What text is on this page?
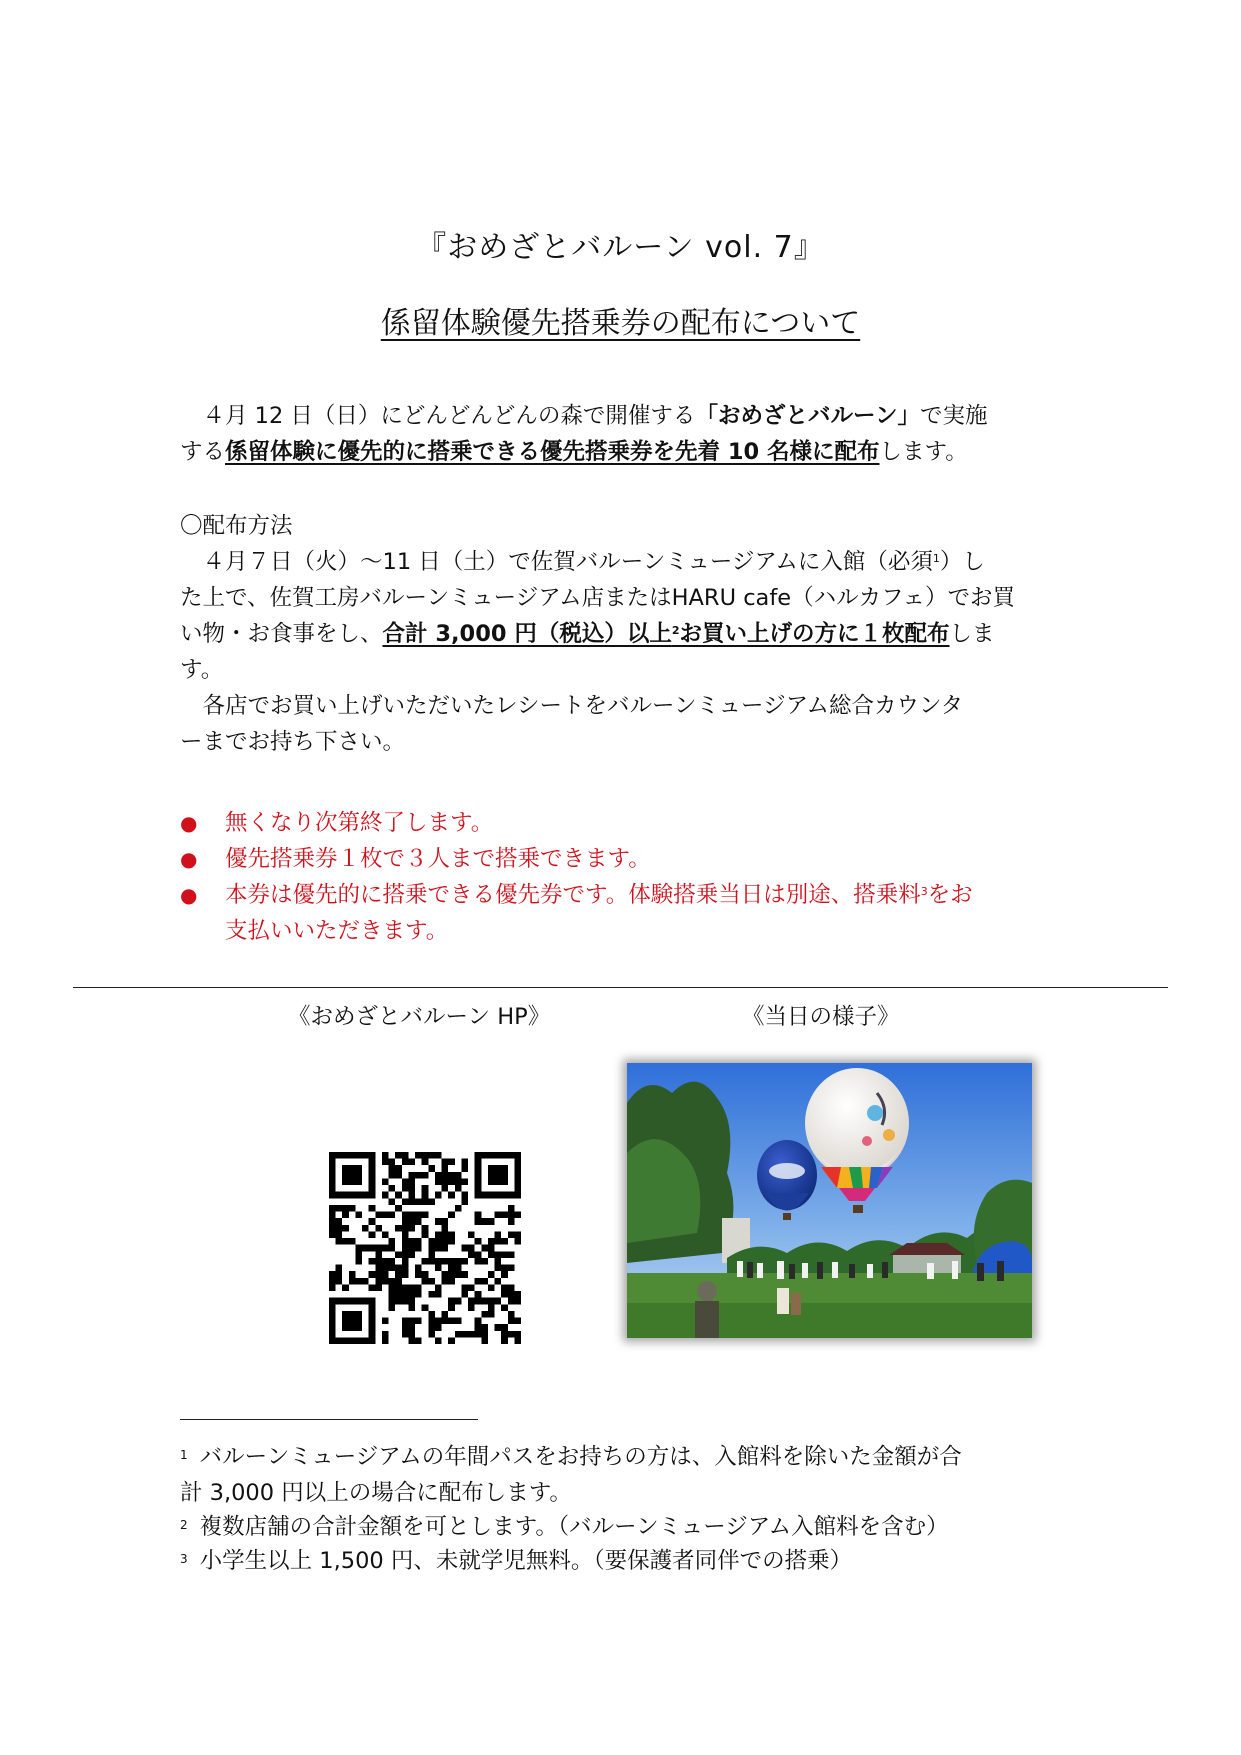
『おめざとバルーン vol. 7』
係留体験優先搭乗券の配布について
　４月 12 日（日）にどんどんどんの森で開催する「おめざとバルーン」で実施
する係留体験に優先的に搭乗できる優先搭乗券を先着 10 名様に配布します。
〇配布方法
　４月７日（火）～11 日（土）で佐賀バルーンミュージアムに入館（必須$^1$）し
た上で、佐賀工房バルーンミュージアム店またはHARU cafe（ハルカフェ）でお買
い物・お食事をし、合計 3,000 円（税込）以上$^2$お買い上げの方に１枚配布しま
す。
　各店でお買い上げいただいたレシートをバルーンミュージアム総合カウンタ
ーまでお持ち下さい。
● 無くなり次第終了します。
● 優先搭乗券１枚で３人まで搭乗できます。
● 本券は優先的に搭乗できる優先券です。体験搭乗当日は別途、搭乗料$^3$をお
支払いいただきます。
《おめざとバルーン HP》	《当日の様子》
$^1$ バルーンミュージアムの年間パスをお持ちの方は、入館料を除いた金額が合
計 3,000 円以上の場合に配布します。
$^2$ 複数店舗の合計金額を可とします。（バルーンミュージアム入館料を含む）
$^3$ 小学生以上 1,500 円、未就学児無料。（要保護者同伴での搭乗）
